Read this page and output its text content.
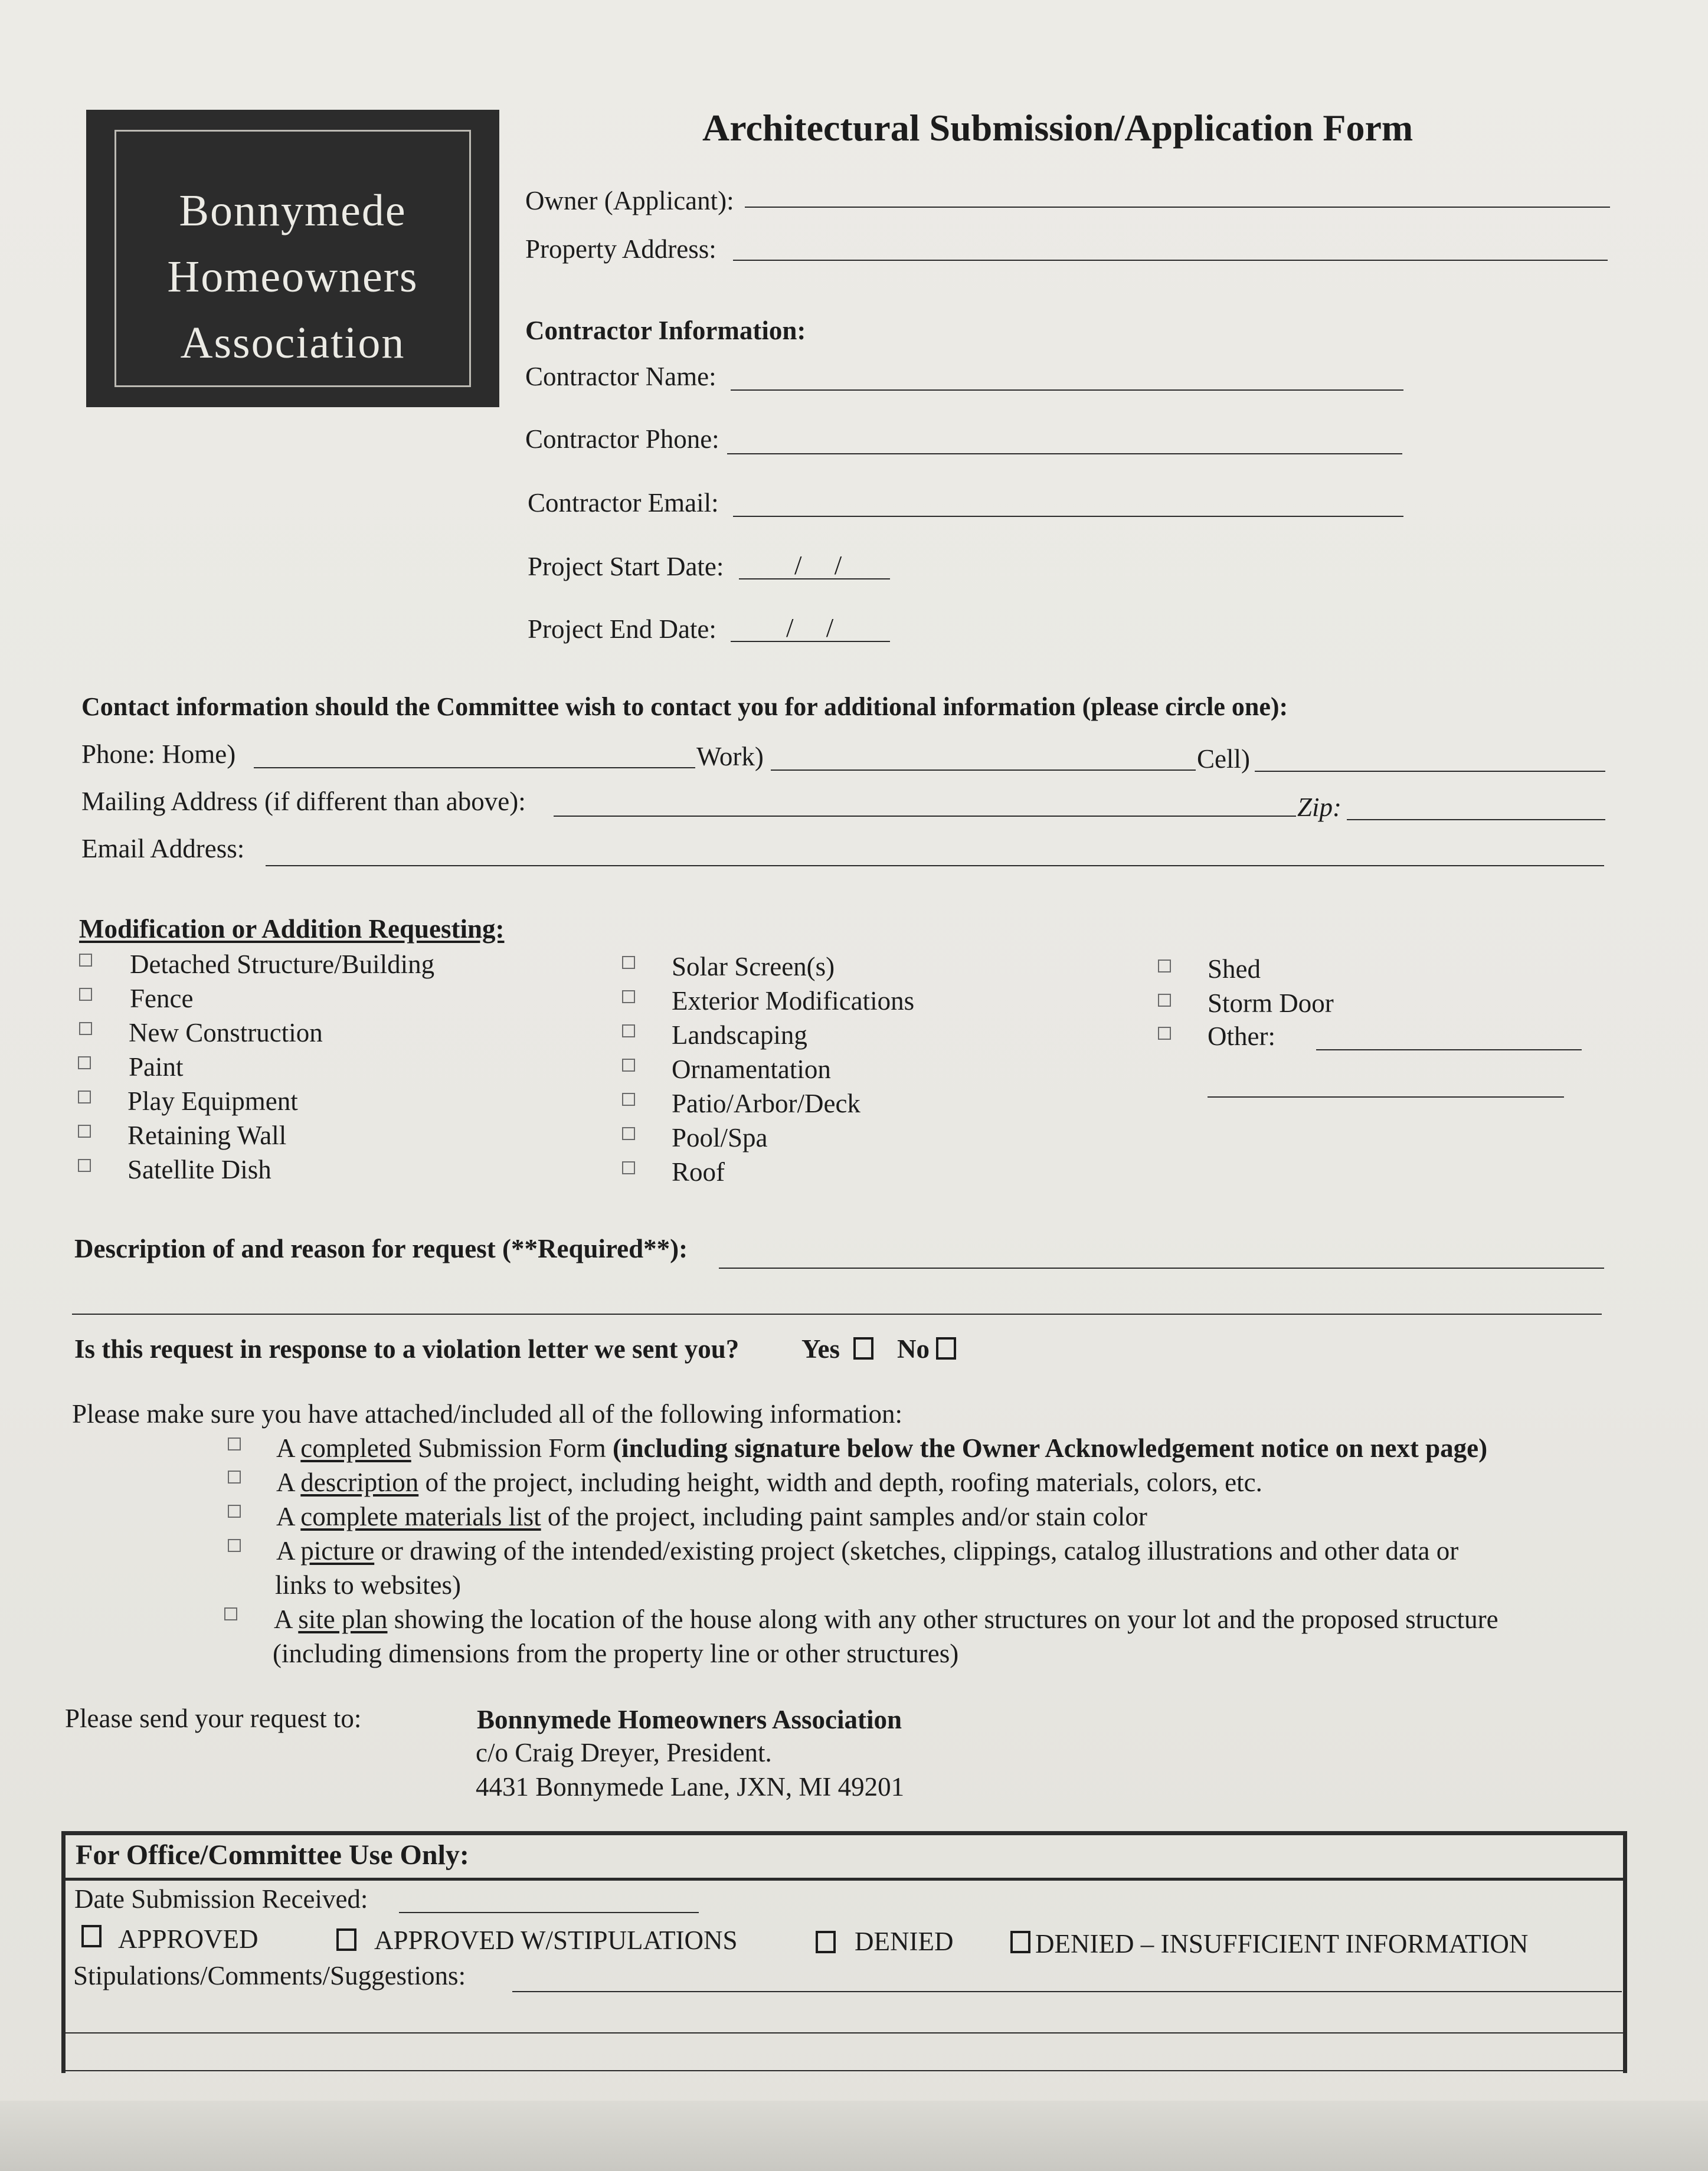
Bonnymede
Homeowners
Association
Architectural Submission/Application Form
Owner (Applicant):
Property Address:
Contractor Information:
Contractor Name:
Contractor Phone:
Contractor Email:
Project Start Date:	/ /
Project End Date:	/ /
Contact information should the Committee wish to contact you for additional information (please circle one):
Phone: Home)	Work)	Cell)
Mailing Address (if different than above):	Zip:
Email Address:
Modification or Addition Requesting:
Detached Structure/Building
Fence
New Construction
Paint
Play Equipment
Retaining Wall
Satellite Dish
Solar Screen(s)
Exterior Modifications
Landscaping
Ornamentation
Patio/Arbor/Deck
Pool/Spa
Roof
Shed
Storm Door
Other:
Description of and reason for request (**Required**):
Is this request in response to a violation letter we sent you? Yes No
Please make sure you have attached/included all of the following information:
A completed Submission Form (including signature below the Owner Acknowledgement notice on next page)
A description of the project, including height, width and depth, roofing materials, colors, etc.
A complete materials list of the project, including paint samples and/or stain color
A picture or drawing of the intended/existing project (sketches, clippings, catalog illustrations and other data or
links to websites)
A site plan showing the location of the house along with any other structures on your lot and the proposed structure
(including dimensions from the property line or other structures)
Please send your request to:	Bonnymede Homeowners Association
c/o Craig Dreyer, President.
4431 Bonnymede Lane, JXN, MI 49201
For Office/Committee Use Only:
Date Submission Received:
APPROVED	APPROVED W/STIPULATIONS	DENIED	DENIED – INSUFFICIENT INFORMATION
Stipulations/Comments/Suggestions:
